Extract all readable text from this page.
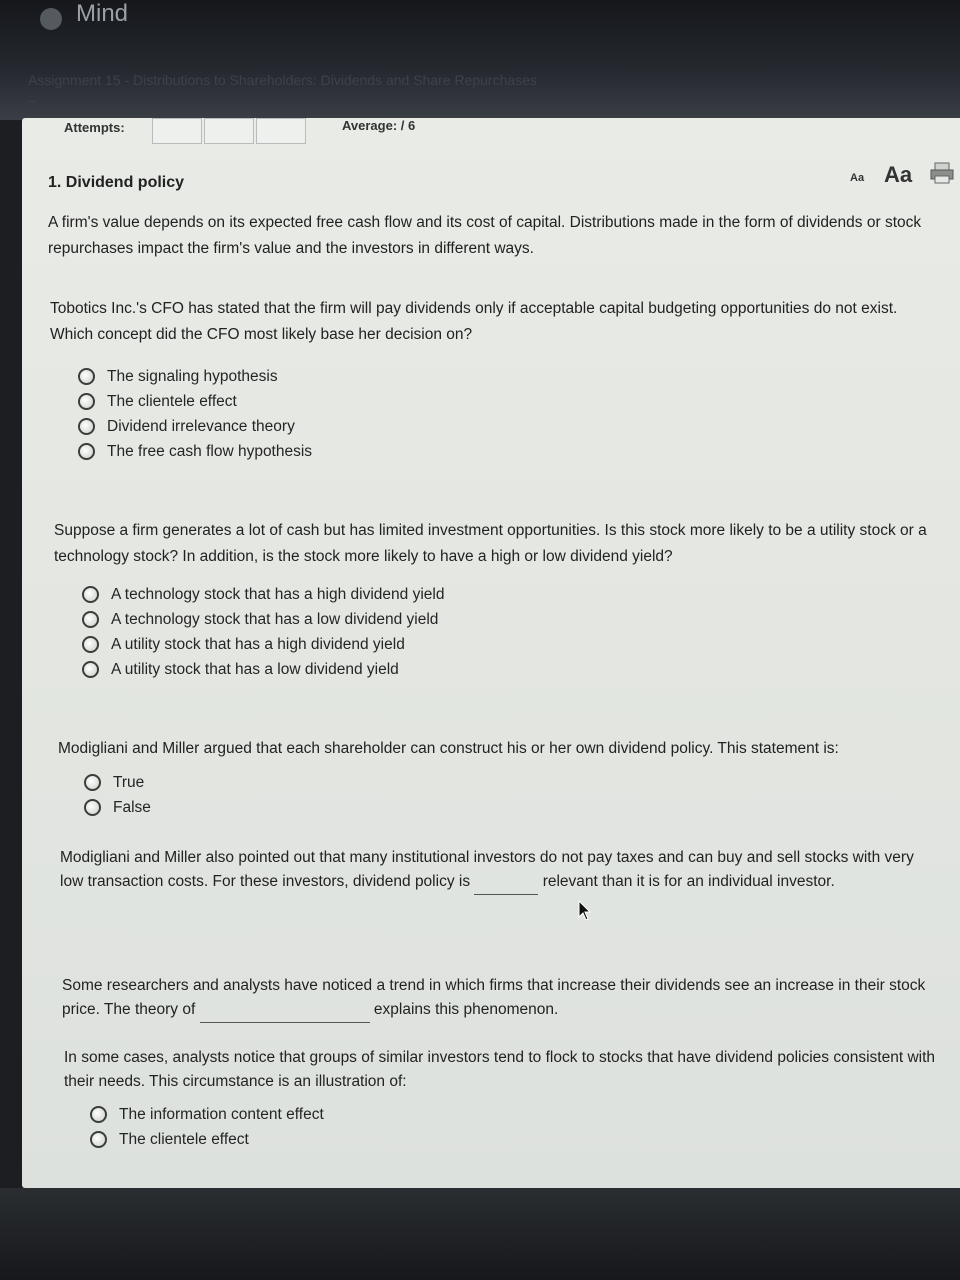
Mind
Assignment 15 - Distributions to Shareholders: Dividends and Share Repurchases
...
Attempts:	Average: / 6
1. Dividend policy	Aa Aa
A firm's value depends on its expected free cash flow and its cost of capital. Distributions made in the form of dividends or stock repurchases impact the firm's value and the investors in different ways.
Tobotics Inc.'s CFO has stated that the firm will pay dividends only if acceptable capital budgeting opportunities do not exist. Which concept did the CFO most likely base her decision on?
The signaling hypothesis
The clientele effect
Dividend irrelevance theory
The free cash flow hypothesis
Suppose a firm generates a lot of cash but has limited investment opportunities. Is this stock more likely to be a utility stock or a technology stock? In addition, is the stock more likely to have a high or low dividend yield?
A technology stock that has a high dividend yield
A technology stock that has a low dividend yield
A utility stock that has a high dividend yield
A utility stock that has a low dividend yield
Modigliani and Miller argued that each shareholder can construct his or her own dividend policy. This statement is:
True
False
Modigliani and Miller also pointed out that many institutional investors do not pay taxes and can buy and sell stocks with very low transaction costs. For these investors, dividend policy is	relevant than it is for an individual investor.
Some researchers and analysts have noticed a trend in which firms that increase their dividends see an increase in their stock price. The theory of	explains this phenomenon.
In some cases, analysts notice that groups of similar investors tend to flock to stocks that have dividend policies consistent with their needs. This circumstance is an illustration of:
The information content effect
The clientele effect
